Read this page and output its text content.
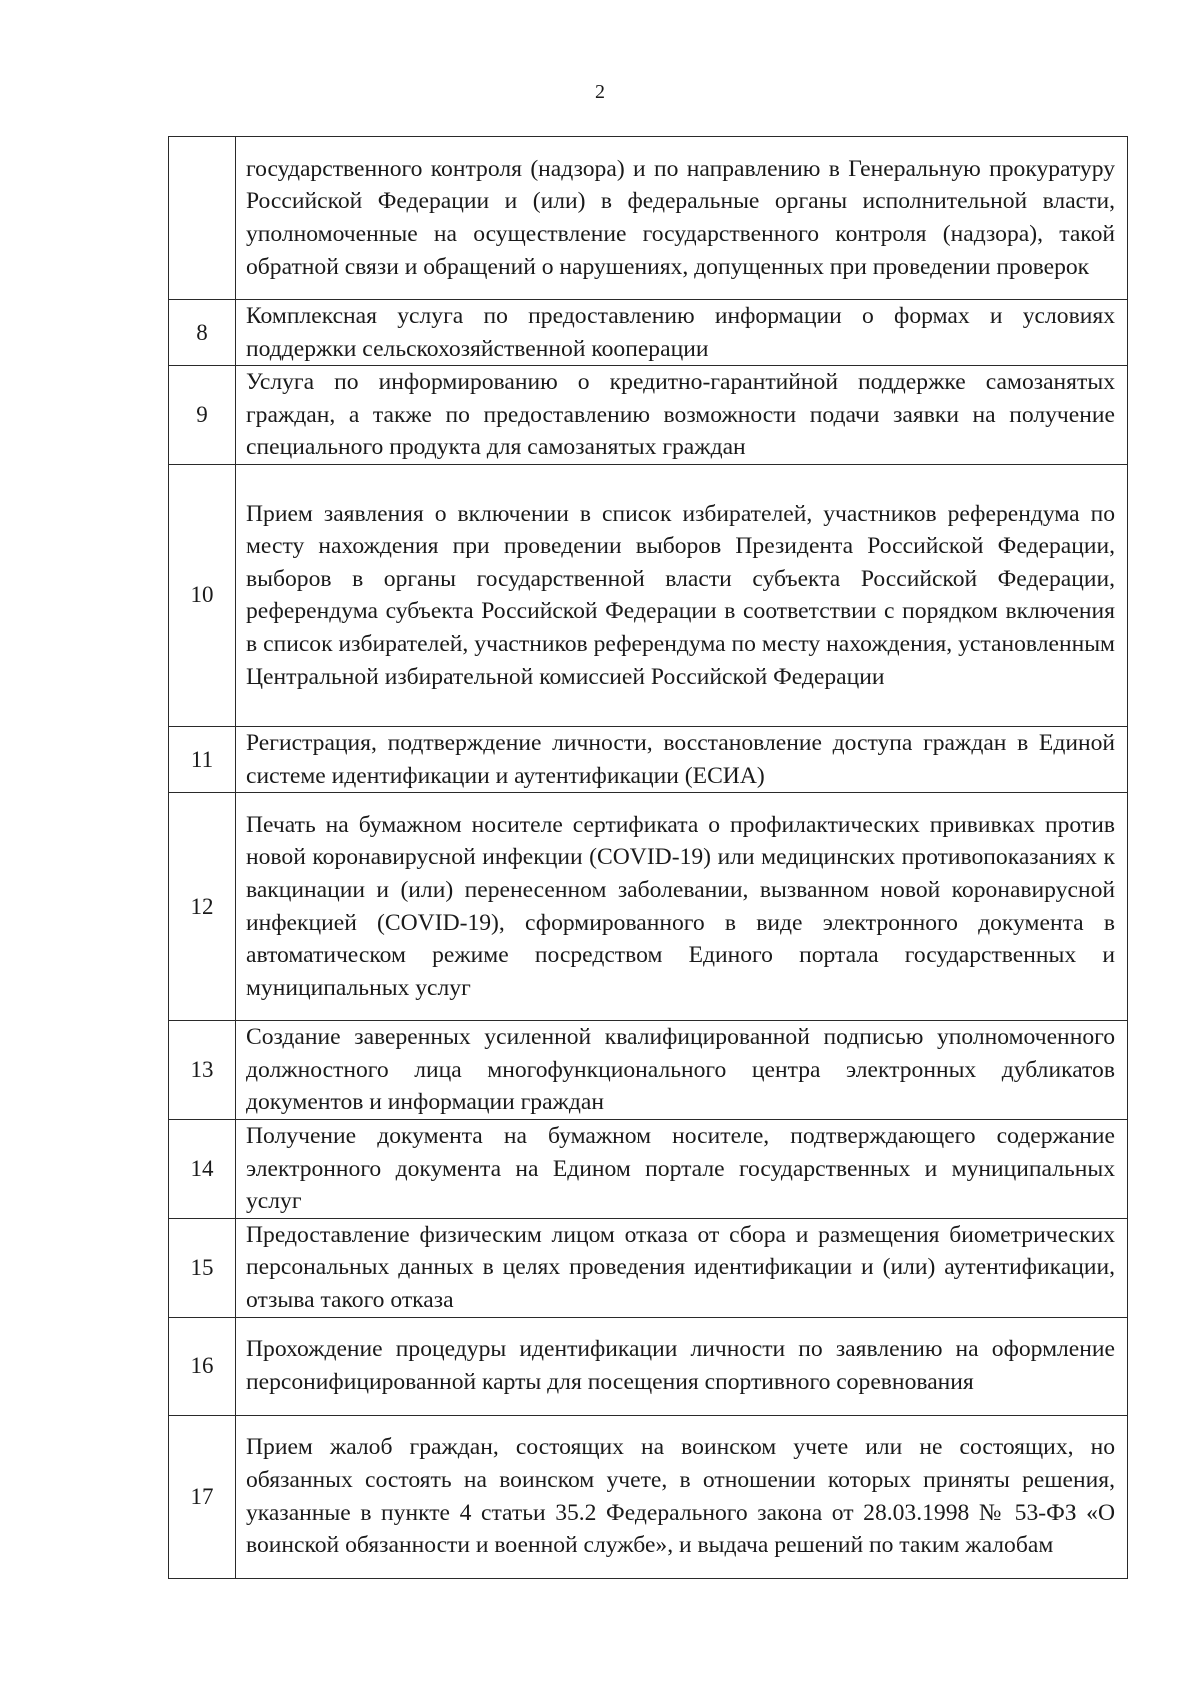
2
	государственного контроля (надзора) и по направлению в Генеральную прокуратуру Российской Федерации и (или) в федеральные органы исполнительной власти, уполномоченные на осуществление государственного контроля (надзора), такой обратной связи и обращений о нарушениях, допущенных при проведении проверок
8	Комплексная услуга по предоставлению информации о формах и условиях поддержки сельскохозяйственной кооперации
9	Услуга по информированию о кредитно-гарантийной поддержке самозанятых граждан, а также по предоставлению возможности подачи заявки на получение специального продукта для самозанятых граждан
10	Прием заявления о включении в список избирателей, участников референдума по месту нахождения при проведении выборов Президента Российской Федерации, выборов в органы государственной власти субъекта Российской Федерации, референдума субъекта Российской Федерации в соответствии с порядком включения в список избирателей, участников референдума по месту нахождения, установленным Центральной избирательной комиссией Российской Федерации
11	Регистрация, подтверждение личности, восстановление доступа граждан в Единой системе идентификации и аутентификации (ЕСИА)
12	Печать на бумажном носителе сертификата о профилактических прививках против новой коронавирусной инфекции (COVID-19) или медицинских противопоказаниях к вакцинации и (или) перенесенном заболевании, вызванном новой коронавирусной инфекцией (COVID-19), сформированного в виде электронного документа в автоматическом режиме посредством Единого портала государственных и муниципальных услуг
13	Создание заверенных усиленной квалифицированной подписью уполномоченного должностного лица многофункционального центра электронных дубликатов документов и информации граждан
14	Получение документа на бумажном носителе, подтверждающего содержание электронного документа на Едином портале государственных и муниципальных услуг
15	Предоставление физическим лицом отказа от сбора и размещения биометрических персональных данных в целях проведения идентификации и (или) аутентификации, отзыва такого отказа
16	Прохождение процедуры идентификации личности по заявлению на оформление персонифицированной карты для посещения спортивного соревнования
17	Прием жалоб граждан, состоящих на воинском учете или не состоящих, но обязанных состоять на воинском учете, в отношении которых приняты решения, указанные в пункте 4 статьи 35.2 Федерального закона от 28.03.1998 № 53-ФЗ «О воинской обязанности и военной службе», и выдача решений по таким жалобам
